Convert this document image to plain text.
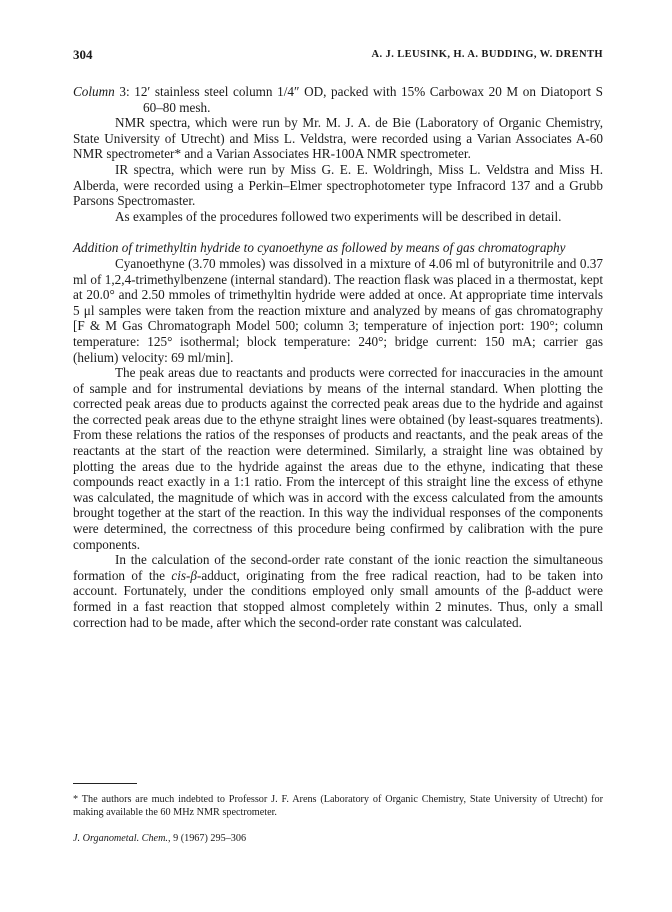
304	A. J. LEUSINK, H. A. BUDDING, W. DRENTH

Column 3: 12′ stainless steel column 1/4″ OD, packed with 15% Carbowax 20 M on Diatoport S 60–80 mesh.

NMR spectra, which were run by Mr. M. J. A. de Bie (Laboratory of Organic Chemistry, State University of Utrecht) and Miss L. Veldstra, were recorded using a Varian Associates A-60 NMR spectrometer* and a Varian Associates HR-100A NMR spectrometer.

IR spectra, which were run by Miss G. E. E. Woldringh, Miss L. Veldstra and Miss H. Alberda, were recorded using a Perkin–Elmer spectrophotometer type Infracord 137 and a Grubb Parsons Spectromaster.

As examples of the procedures followed two experiments will be described in detail.

Addition of trimethyltin hydride to cyanoethyne as followed by means of gas chromatography

Cyanoethyne (3.70 mmoles) was dissolved in a mixture of 4.06 ml of butyronitrile and 0.37 ml of 1,2,4-trimethylbenzene (internal standard). The reaction flask was placed in a thermostat, kept at 20.0° and 2.50 mmoles of trimethyltin hydride were added at once. At appropriate time intervals 5 μl samples were taken from the reaction mixture and analyzed by means of gas chromatography [F & M Gas Chromatograph Model 500; column 3; temperature of injection port: 190°; column temperature: 125° isothermal; block temperature: 240°; bridge current: 150 mA; carrier gas (helium) velocity: 69 ml/min].

The peak areas due to reactants and products were corrected for inaccuracies in the amount of sample and for instrumental deviations by means of the internal standard. When plotting the corrected peak areas due to products against the corrected peak areas due to the hydride and against the corrected peak areas due to the ethyne straight lines were obtained (by least-squares treatments). From these relations the ratios of the responses of products and reactants, and the peak areas of the reactants at the start of the reaction were determined. Similarly, a straight line was obtained by plotting the areas due to the hydride against the areas due to the ethyne, indicating that these compounds react exactly in a 1:1 ratio. From the intercept of this straight line the excess of ethyne was calculated, the magnitude of which was in accord with the excess calculated from the amounts brought together at the start of the reaction. In this way the individual responses of the components were determined, the correctness of this procedure being confirmed by calibration with the pure components.

In the calculation of the second-order rate constant of the ionic reaction the simultaneous formation of the cis-β-adduct, originating from the free radical reaction, had to be taken into account. Fortunately, under the conditions employed only small amounts of the β-adduct were formed in a fast reaction that stopped almost completely within 2 minutes. Thus, only a small correction had to be made, after which the second-order rate constant was calculated.

* The authors are much indebted to Professor J. F. Arens (Laboratory of Organic Chemistry, State University of Utrecht) for making available the 60 MHz NMR spectrometer.

J. Organometal. Chem., 9 (1967) 295–306
